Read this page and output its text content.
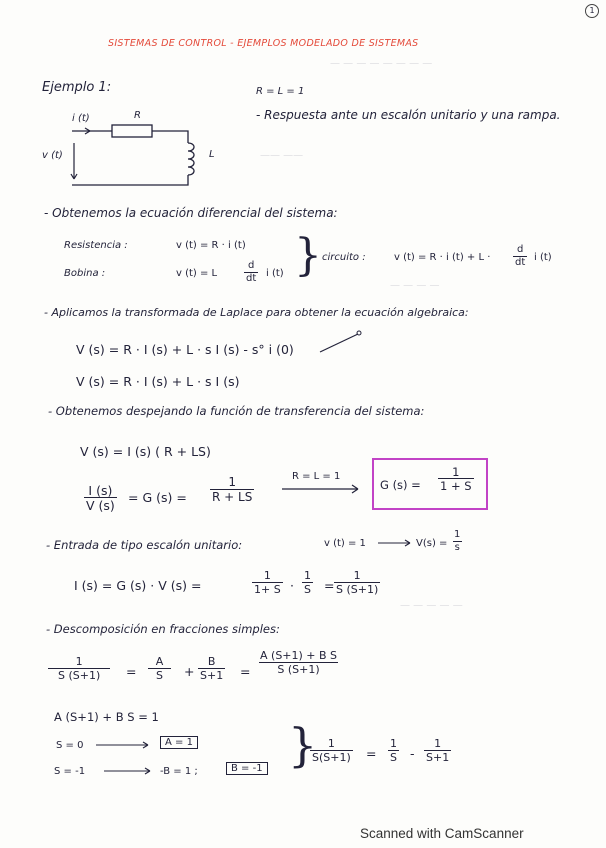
— — — — — — — —
—— ——
— — — —
— — — — —
1
SISTEMAS DE CONTROL - EJEMPLOS MODELADO DE SISTEMAS
Ejemplo 1:	R = L = 1
- Respuesta ante un escalón unitario y una rampa.
i (t)	R
v (t)	L
- Obtenemos la ecuación diferencial del sistema:
Resistencia :	v (t) = R · i (t)
Bobina :	v (t) = L	$\frac{d}{dt}$ i (t) } circuito :	v (t) = R · i $(t) + L \cdot \frac{d}{dt}$ i (t)
- Aplicamos la transformada de Laplace para obtener la ecuación algebraica:
V (s) = R · I (s) + L · s I (s) - s° i (0)
V (s) = R · I (s) + L · s I (s)
- Obtenemos despejando la función de transferencia del sistema:
V (s) = I (s) ( R + LS)
$\frac{I (s)}{V (s)} = G$ $(s) = \frac{1}{R + LS}$	R = L = 1
G $(s) = \frac{1}{1 + S}$
- Entrada de tipo escalón unitario:	v (t) = 1	$V(s) = \frac{1}{s}$
I (s) = G (s) · V (s) =	$\frac{1}{1+ S} \cdot \frac{1}{S} = \frac{1}{S (S+1)}$
- Descomposición en fracciones simples:
$\frac{1}{S (S+1)} = \frac{A}{S} + \frac{B}{S+1} = \frac{\text{A (S+1) + B S}}{S (S+1)}$
A (S+1) + B S = 1
S = 0	A = 1
S = -1	-B = 1 ;	B = -1 }
$\frac{1}{S(S+1)} = \frac{1}{S} - \frac{1}{S+1}$
Scanned with CamScanner
